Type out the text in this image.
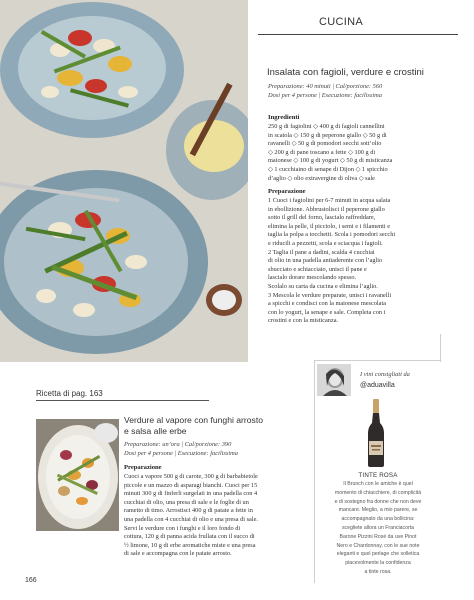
CUCINA
Insalata con fagioli, verdure e crostini
Preparazione: 40 minuti | Cal/porzione: 560
Dosi per 4 persone | Esecuzione: facilissima
Ingredienti
250 g di fagiolini ◇ 400 g di fagioli cannellini
in scatola ◇ 150 g di peperone giallo ◇ 50 g di
ravanelli ◇ 50 g di pomodori secchi sott’olio
◇ 200 g di pane toscano a fette ◇ 100 g di
maionese ◇ 100 g di yogurt ◇ 50 g di misticanza
◇ 1 cucchiaino di senape di Dijon ◇ 1 spicchio
d’aglio ◇ olio extravergine di oliva ◇ sale
Preparazione
1 Cuoci i fagiolini per 6-7 minuti in acqua salata
in ebollizione. Abbrustolisci il peperone giallo
sotto il grill del forno, lascialo raffreddare,
elimina la pelle, il picciolo, i semi e i filamenti e
taglia la polpa a tocchetti. Scola i pomodori secchi
e riducili a pezzetti, scola e sciacqua i fagioli.
2 Taglia il pane a dadini, scalda 4 cucchiai
di olio in una padella antiaderente con l’aglio
sbucciato e schiacciato, unisci il pane e
lascialo dorare mescolando spesso.
Scolalo su carta da cucina e elimina l’aglio.
3 Mescola le verdure preparate, unisci i ravanelli
a spicchi e condisci con la maionese mescolata
con lo yogurt, la senape e sale. Completa con i
crostini e con la misticanza.
Ricetta di pag. 163
Verdure al vapore con funghi arrosto
e salsa alle erbe
Preparazione: un’ora | Cal/porzione: 390
Dosi per 4 persone | Esecuzione: facilissima
Preparazione
Cuoci a vapore 500 g di carote, 300 g di barbabietole
piccole e un mazzo di asparagi bianchi. Cuoci per 15
minuti 300 g di finferli surgelati in una padella con 4
cucchiai di olio, una presa di sale e le foglie di un
rametto di timo. Arrostisci 400 g di patate a fette in
una padella con 4 cucchiai di olio e una presa di sale.
Servi le verdure con i funghi e il loro fondo di
cottura, 120 g di panna acida frullata con il succo di
½ limone, 10 g di erbe aromatiche miste e una presa
di sale e accompagna con le patate arrosto.
166
I vini consigliati da
@aduavilla
TINTE ROSA
Il Brunch con le amiche è quel
momento di chiacchiere, di complicità
e di sostegno fra donne che non deve
mancare. Meglio, a mio parere, se
accompagnato da una bollicina:
scegliete allora un Franciacorta
Barone Pizzini Rosé da uve Pinot
Nero e Chardonnay, con le sue note
eleganti e quel perlage che solletica
piacevolmente la confidenza
a tinte rosa.
